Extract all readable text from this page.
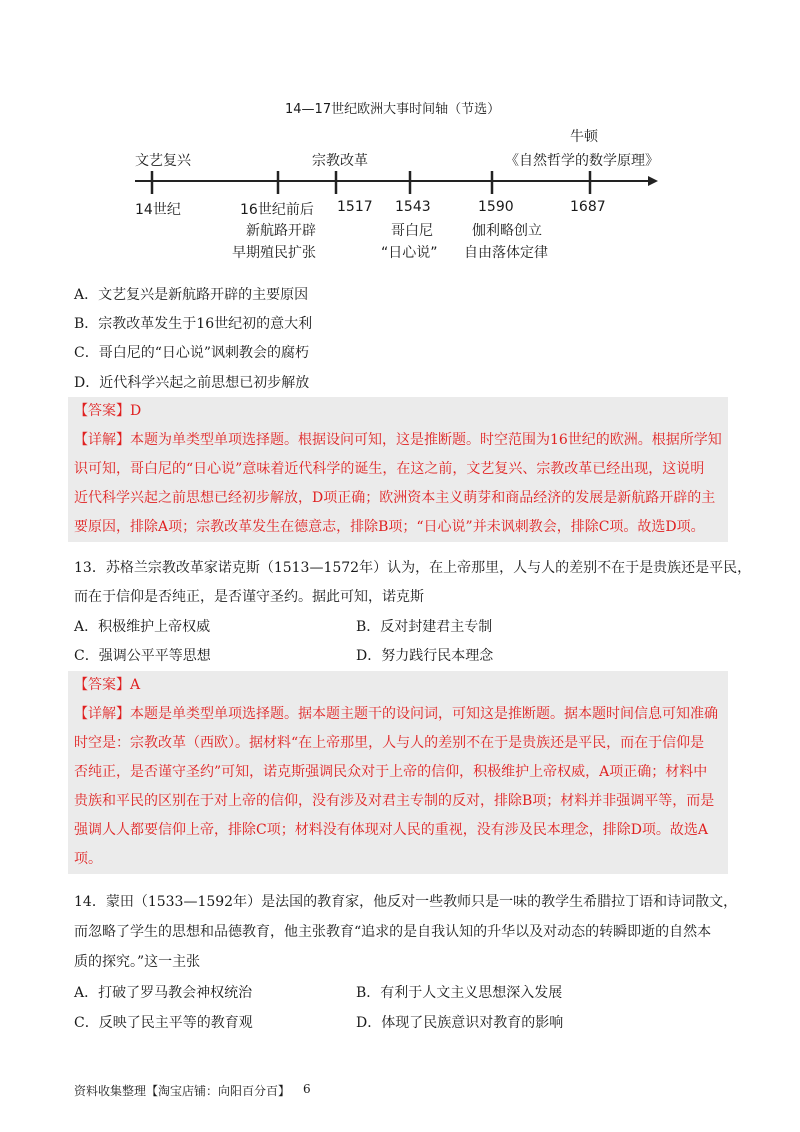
14—17世纪欧洲大事时间轴（节选）
文艺复兴	宗教改革
牛顿
《自然哲学的数学原理》
14世纪	16世纪前后 1517 1543	1590	1687
新航路开辟
早期殖民扩张
哥白尼
“日心说”
伽利略创立
自由落体定律
A．文艺复兴是新航路开辟的主要原因
B．宗教改革发生于16世纪初的意大利
C．哥白尼的“日心说”讽刺教会的腐朽
D．近代科学兴起之前思想已初步解放
【答案】D
【详解】本题为单类型单项选择题。根据设问可知，这是推断题。时空范围为16世纪的欧洲。根据所学知
识可知，哥白尼的“日心说”意味着近代科学的诞生，在这之前，文艺复兴、宗教改革已经出现，这说明
近代科学兴起之前思想已经初步解放，D项正确；欧洲资本主义萌芽和商品经济的发展是新航路开辟的主
要原因，排除A项；宗教改革发生在德意志，排除B项；“日心说”并未讽刺教会，排除C项。故选D项。
13．苏格兰宗教改革家诺克斯（1513—1572年）认为，在上帝那里，人与人的差别不在于是贵族还是平民，
而在于信仰是否纯正，是否谨守圣约。据此可知，诺克斯
A．积极维护上帝权威	B．反对封建君主专制
C．强调公平平等思想	D．努力践行民本理念
【答案】A
【详解】本题是单类型单项选择题。据本题主题干的设问词，可知这是推断题。据本题时间信息可知准确
时空是：宗教改革（西欧）。据材料“在上帝那里，人与人的差别不在于是贵族还是平民，而在于信仰是
否纯正，是否谨守圣约”可知，诺克斯强调民众对于上帝的信仰，积极维护上帝权威，A项正确；材料中
贵族和平民的区别在于对上帝的信仰，没有涉及对君主专制的反对，排除B项；材料并非强调平等，而是
强调人人都要信仰上帝，排除C项；材料没有体现对人民的重视，没有涉及民本理念，排除D项。故选A
项。
14．蒙田（1533—1592年）是法国的教育家，他反对一些教师只是一味的教学生希腊拉丁语和诗词散文，
而忽略了学生的思想和品德教育，他主张教育“追求的是自我认知的升华以及对动态的转瞬即逝的自然本
质的探究。”这一主张
A．打破了罗马教会神权统治	B．有利于人文主义思想深入发展
C．反映了民主平等的教育观	D．体现了民族意识对教育的影响
资料收集整理【淘宝店铺：向阳百分百】 6
